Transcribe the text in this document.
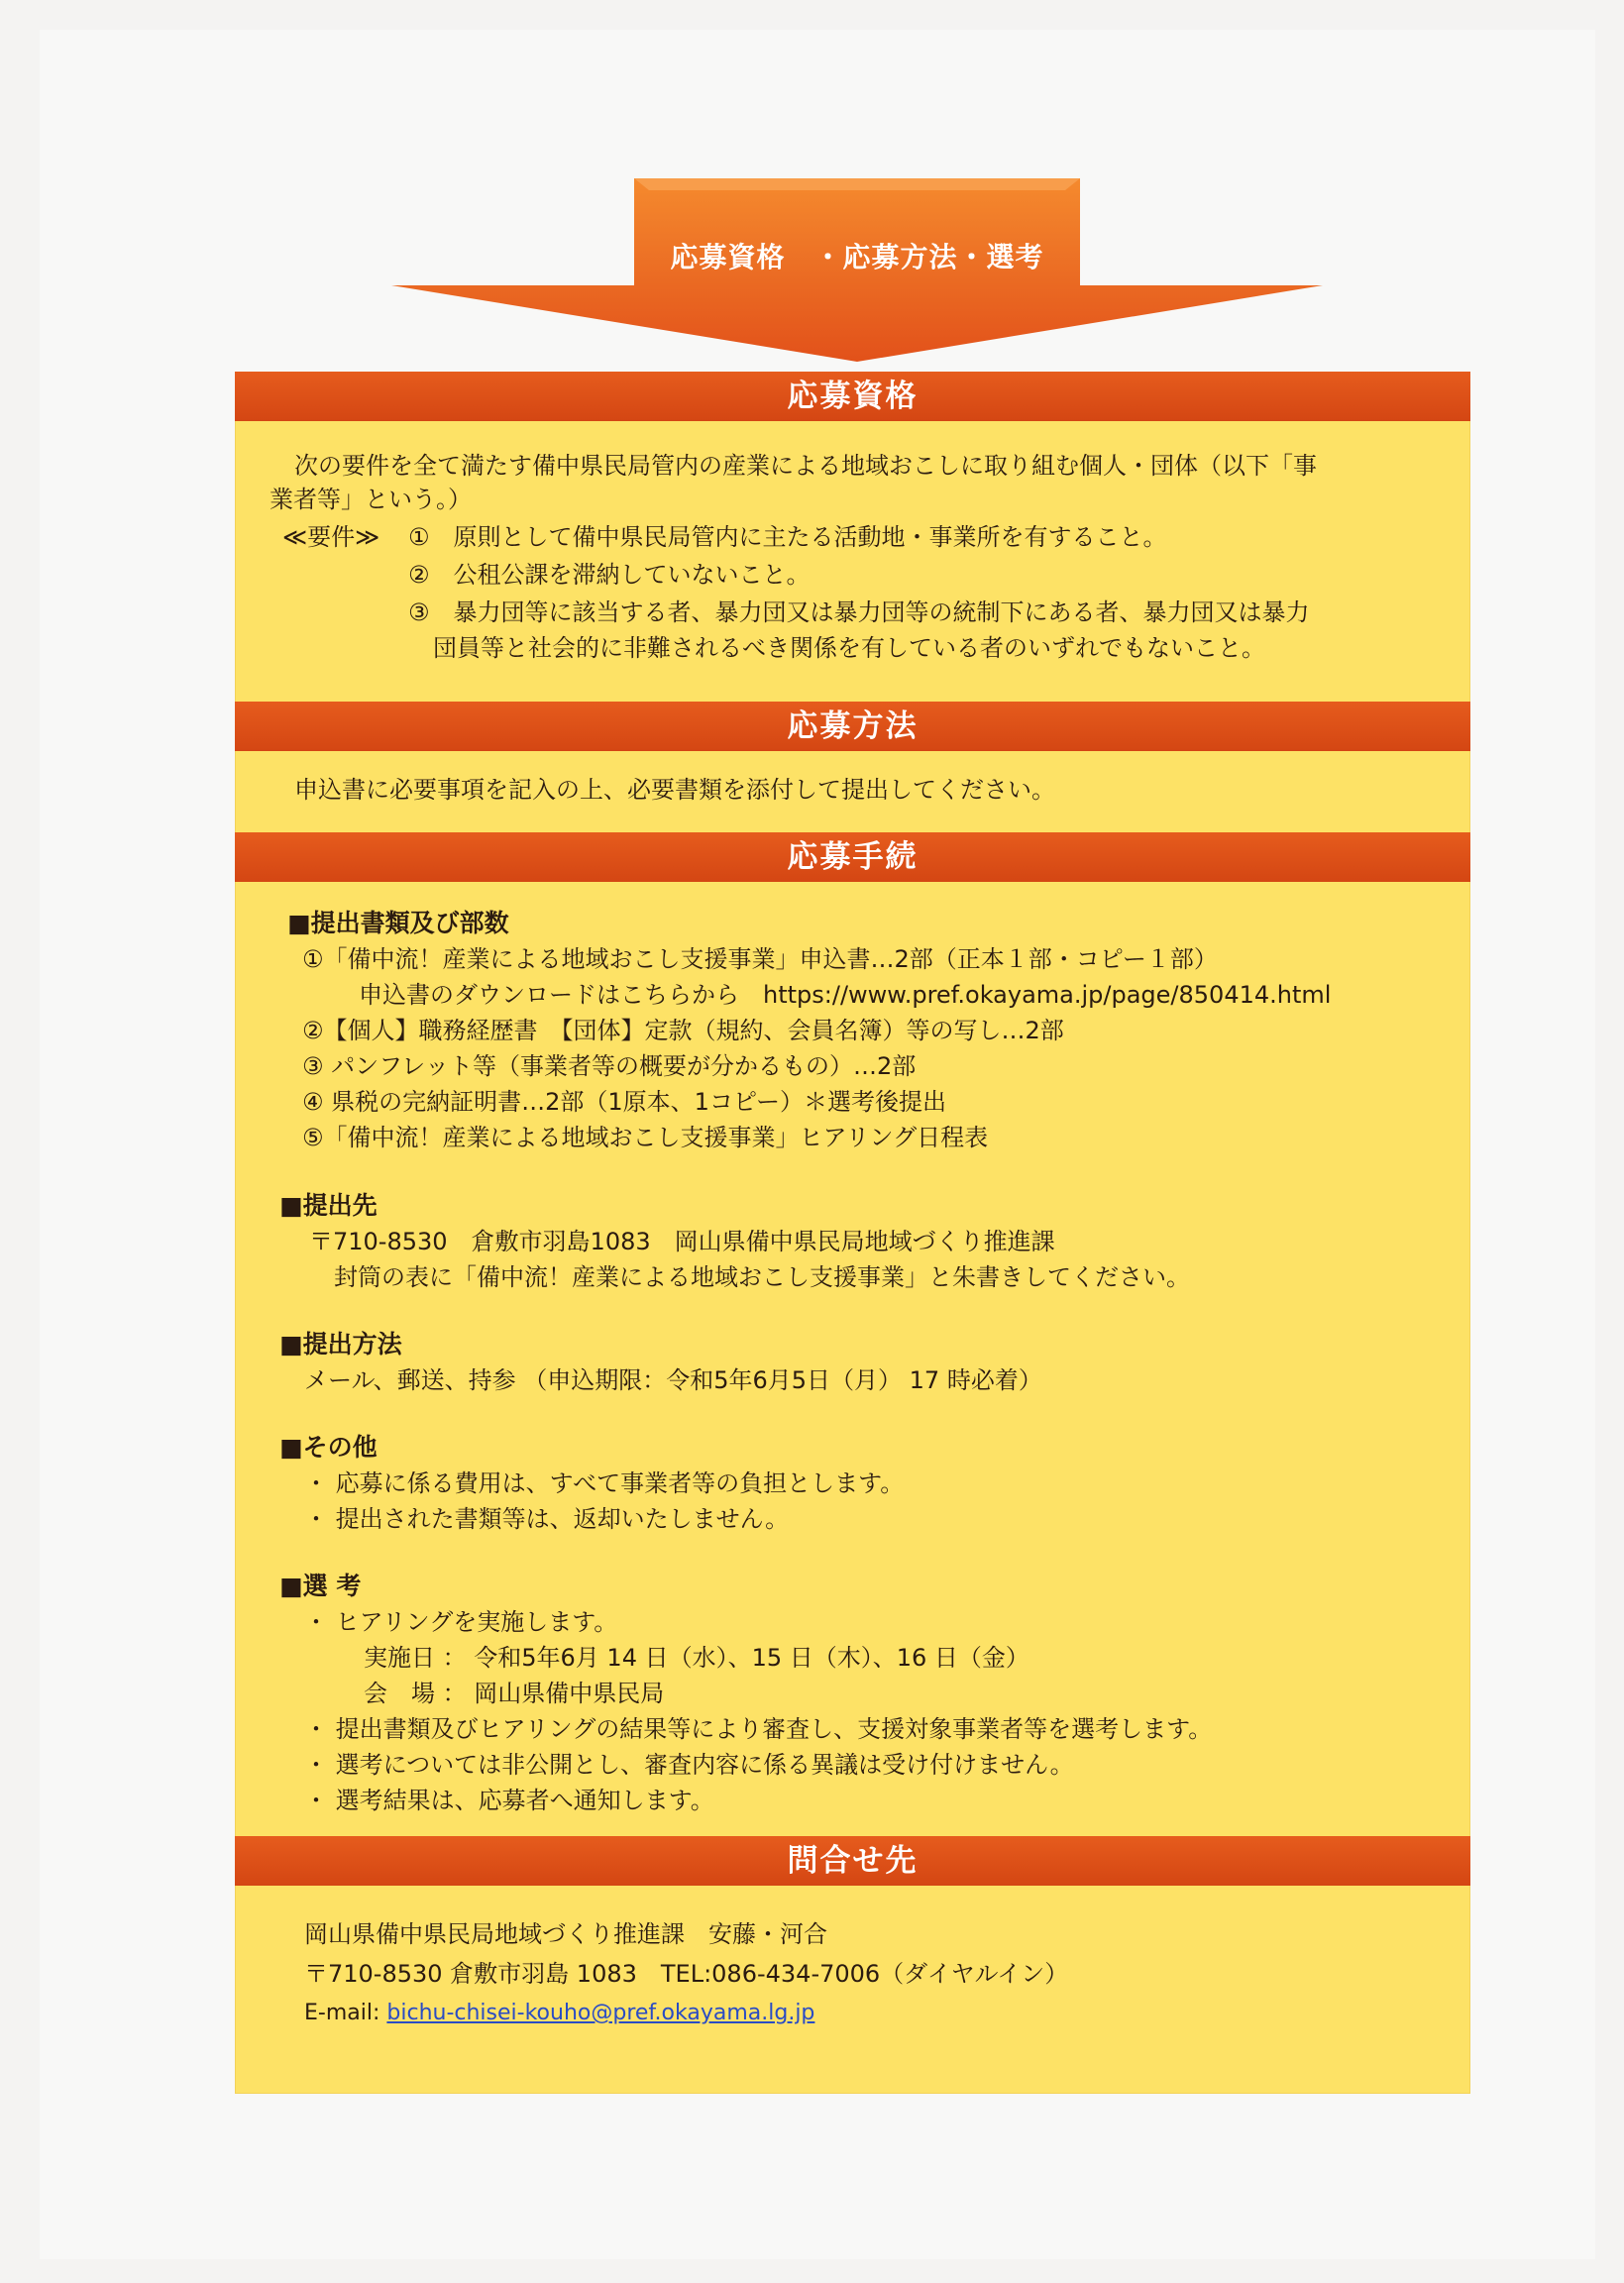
応募資格　・応募方法・選考
応募資格
次の要件を全て満たす備中県民局管内の産業による地域おこしに取り組む個人・団体（以下「事
業者等」という。）
≪要件≫ ①　原則として備中県民局管内に主たる活動地・事業所を有すること。
②　公租公課を滞納していないこと。
③　暴力団等に該当する者、暴力団又は暴力団等の統制下にある者、暴力団又は暴力
団員等と社会的に非難されるべき関係を有している者のいずれでもないこと。
応募方法
申込書に必要事項を記入の上、必要書類を添付して提出してください。
応募手続
■提出書類及び部数
①「備中流！産業による地域おこし支援事業」申込書…2部（正本１部・コピー１部）
申込書のダウンロードはこちらから　https://www.pref.okayama.jp/page/850414.html
②【個人】職務経歴書　【団体】定款（規約、会員名簿）等の写し…2部
③ パンフレット等（事業者等の概要が分かるもの）…2部
④ 県税の完納証明書…2部（1原本、1コピー）＊選考後提出
⑤「備中流！産業による地域おこし支援事業」ヒアリング日程表
■提出先
〒710-8530　倉敷市羽島1083　岡山県備中県民局地域づくり推進課
封筒の表に「備中流！産業による地域おこし支援事業」と朱書きしてください。
■提出方法
メール、郵送、持参 （申込期限：令和5年6月5日（月） 17 時必着）
■その他
・ 応募に係る費用は、すべて事業者等の負担とします。
・ 提出された書類等は、返却いたしません。
■選 考
・ ヒアリングを実施します。
実施日 ： 令和5年6月 14 日（水）、15 日（木）、16 日（金）
会　場 ： 岡山県備中県民局
・ 提出書類及びヒアリングの結果等により審査し、支援対象事業者等を選考します。
・ 選考については非公開とし、審査内容に係る異議は受け付けません。
・ 選考結果は、応募者へ通知します。
問合せ先
岡山県備中県民局地域づくり推進課　安藤・河合
〒710-8530 倉敷市羽島 1083　TEL:086-434-7006（ダイヤルイン）
E-mail: bichu-chisei-kouho@pref.okayama.lg.jp
